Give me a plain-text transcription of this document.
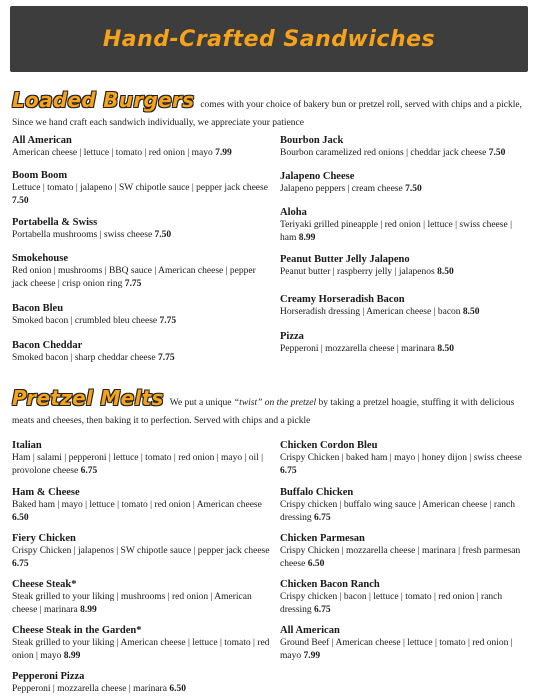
Hand-Crafted Sandwiches
Loaded Burgers comes with your choice of bakery bun or pretzel roll, served with chips and a pickle, Since we hand craft each sandwich individually, we appreciate your patience
All American
American cheese | lettuce | tomato | red onion | mayo 7.99
Boom Boom
Lettuce | tomato | jalapeno | SW chipotle sauce | pepper jack cheese 7.50
Portabella & Swiss
Portabella mushrooms | swiss cheese 7.50
Smokehouse
Red onion | mushrooms | BBQ sauce | American cheese | pepper jack cheese | crisp onion ring 7.75
Bacon Bleu
Smoked bacon | crumbled bleu cheese 7.75
Bacon Cheddar
Smoked bacon | sharp cheddar cheese 7.75
Bourbon Jack
Bourbon caramelized red onions | cheddar jack cheese 7.50
Jalapeno Cheese
Jalapeno peppers | cream cheese 7.50
Aloha
Teriyaki grilled pineapple | red onion | lettuce | swiss cheese | ham 8.99
Peanut Butter Jelly Jalapeno
Peanut butter | raspberry jelly | jalapenos 8.50
Creamy Horseradish Bacon
Horseradish dressing | American cheese | bacon 8.50
Pizza
Pepperoni | mozzarella cheese | marinara 8.50
Pretzel Melts We put a unique “twist” on the pretzel by taking a pretzel hoagie, stuffing it with delicious meats and cheeses, then baking it to perfection. Served with chips and a pickle
Italian
Ham | salami | pepperoni | lettuce | tomato | red onion | mayo | oil | provolone cheese 6.75
Ham & Cheese
Baked ham | mayo | lettuce | tomato | red onion | American cheese 6.50
Fiery Chicken
Crispy Chicken | jalapenos | SW chipotle sauce | pepper jack cheese 6.75
Cheese Steak*
Steak grilled to your liking | mushrooms | red onion | American cheese | marinara 8.99
Cheese Steak in the Garden*
Steak grilled to your liking | American cheese | lettuce | tomato | red onion | mayo 8.99
Pepperoni Pizza
Pepperoni | mozzarella cheese | marinara 6.50
Chicken Cordon Bleu
Crispy Chicken | baked ham | mayo | honey dijon | swiss cheese 6.75
Buffalo Chicken
Crispy chicken | buffalo wing sauce | American cheese | ranch dressing 6.75
Chicken Parmesan
Crispy Chicken | mozzarella cheese | marinara | fresh parmesan cheese 6.50
Chicken Bacon Ranch
Crispy chicken | bacon | lettuce | tomato | red onion | ranch dressing 6.75
All American
Ground Beef | American cheese | lettuce | tomato | red onion | mayo 7.99
